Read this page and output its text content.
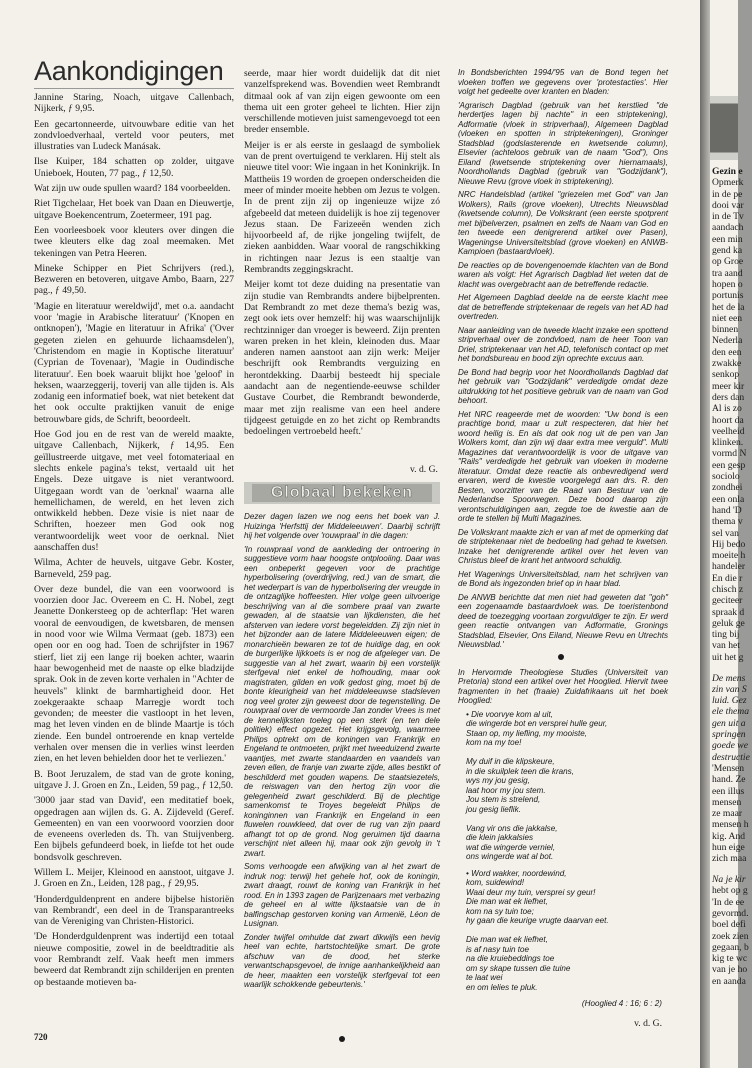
Aankondigingen

Jannine Staring, Noach, uitgave Callenbach, Nijkerk, ƒ 9,95.

Een gecartonneerde, uitvouwbare editie van het zondvloedverhaal, verteld voor peuters, met illustraties van Ludeck Manásak.

Ilse Kuiper, 184 schatten op zolder, uitgave Unieboek, Houten, 77 pag., ƒ 12,50.

Wat zijn uw oude spullen waard? 184 voorbeelden.

Riet Tigchelaar, Het boek van Daan en Dieuwertje, uitgave Boekencentrum, Zoetermeer, 191 pag.

Een voorleesboek voor kleuters over dingen die twee kleuters elke dag zoal meemaken. Met tekeningen van Petra Heeren.

Mineke Schipper en Piet Schrijvers (red.), Bezweren en betoveren, uitgave Ambo, Baarn, 227 pag., ƒ 49,50.

'Magie en literatuur wereldwijd', met o.a. aandacht voor 'magie in Arabische literatuur' ('Knopen en ontknopen'), 'Magie en literatuur in Afrika' ('Over gegeten zielen en gehuurde lichaamsdelen'), 'Christendom en magie in Koptische literatuur' (Cyprian de Tovenaar), 'Magie in Oudindische literatuur'. Een boek waaruit blijkt hoe 'geloof' in heksen, waarzeggerij, toverij van alle tijden is. Als zodanig een informatief boek, wat niet betekent dat het ook occulte praktijken vanuit de enige betrouwbare gids, de Schrift, beoordeelt.

Hoe God jou en de rest van de wereld maakte, uitgave Callenbach, Nijkerk, ƒ 14,95. Een geïllustreerde uitgave, met veel fotomateriaal en slechts enkele pagina's tekst, vertaald uit het Engels. Deze uitgave is niet verantwoord. Uitgegaan wordt van de 'oerknal' waarna alle hemellichamen, de wereld, en het leven zich ontwikkeld hebben. Deze visie is niet naar de Schriften, hoezeer men God ook nog verantwoordelijk weet voor de oerknal. Niet aanschaffen dus!

Wilma, Achter de heuvels, uitgave Gebr. Koster, Barneveld, 259 pag.

Over deze bundel, die van een voorwoord is voorzien door Jac. Overeem en C. H. Nobel, zegt Jeanette Donkersteeg op de achterflap: 'Het waren vooral de eenvoudigen, de kwetsbaren, de mensen in nood voor wie Wilma Vermaat (geb. 1873) een open oor en oog had. Toen de schrijfster in 1967 stierf, liet zij een lange rij boeken achter, waarin haar bewogenheid met de naaste op elke bladzijde sprak. Ook in de zeven korte verhalen in "Achter de heuvels" klinkt de barmhartigheid door. Het zoekgeraakte schaap Marregje wordt toch gevonden; de meester die vastloopt in het leven, mag het leven vinden en de blinde Maartje is tóch ziende. Een bundel ontroerende en knap vertelde verhalen over mensen die in verlies winst leerden zien, en het leven behielden door het te verliezen.'

B. Boot Jeruzalem, de stad van de grote koning, uitgave J. J. Groen en Zn., Leiden, 59 pag., ƒ 12,50.

'3000 jaar stad van David', een meditatief boek, opgedragen aan wijlen ds. G. A. Zijdeveld (Geref. Gemeenten) en van een voorwoord voorzien door de eveneens overleden ds. Th. van Stuijvenberg. Een bijbels gefundeerd boek, in liefde tot het oude bondsvolk geschreven.

Willem L. Meijer, Kleinood en aanstoot, uitgave J. J. Groen en Zn., Leiden, 128 pag., ƒ 29,95.

'Honderdguldenprent en andere bijbelse historiën van Rembrandt', een deel in de Transparantreeks van de Vereniging van Christen-Historici.

'De Honderdguldenprent was indertijd een totaal nieuwe compositie, zowel in de beeldtraditie als voor Rembrandt zelf. Vaak heeft men immers beweerd dat Rembrandt zijn schilderijen en prenten op bestaande motieven ba-

seerde, maar hier wordt duidelijk dat dit niet vanzelfsprekend was. Bovendien weet Rembrandt ditmaal ook af van zijn eigen gewoonte om een thema uit een groter geheel te lichten. Hier zijn verschillende motieven juist samengevoegd tot een breder ensemble.

Meijer is er als eerste in geslaagd de symboliek van de prent overtuigend te verklaren. Hij stelt als nieuwe titel voor: Wie ingaan in het Koninkrijk. In Mattheüs 19 worden de groepen onderscheiden die meer of minder moeite hebben om Jezus te volgen. In de prent zijn zij op ingenieuze wijze zó afgebeeld dat meteen duidelijk is hoe zij tegenover Jezus staan. De Farizeeën wenden zich hijvoorbeeld af, de rijke jongeling twijfelt, de zieken aanbidden. Waar vooral de rangschikking in richtingen naar Jezus is een staaltje van Rembrandts zeggingskracht.

Meijer komt tot deze duiding na presentatie van zijn studie van Rembrandts andere bijbelprenten. Dat Rembrandt zo met deze thema's bezig was, zegt ook iets over hemzelf: hij was waarschijnlijk rechtzinniger dan vroeger is beweerd. Zijn prenten waren preken in het klein, kleinoden dus. Maar anderen namen aanstoot aan zijn werk: Meijer beschrijft ook Rembrandts verguizing en herontdekking. Daarbij besteedt hij speciale aandacht aan de negentiende-eeuwse schilder Gustave Courbet, die Rembrandt bewonderde, maar met zijn realisme van een heel andere tijdgeest getuigde en zo het zicht op Rembrandts bedoelingen vertroebeld heeft.'

v. d. G.
Globaal bekeken

Dezer dagen lazen we nog eens het boek van J. Huizinga 'Herfsttij der Middeleeuwen'. Daarbij schrijft hij het volgende over 'rouwpraal' in die dagen:

'In rouwpraal vond de aankleding der ontroering in suggestieve vorm haar hoogste ontplooiing. Daar was een onbeperkt gegeven voor de prachtige hyperbolisering (overdrijving, red.) van de smart, die het wederpart is van de hyperbolisering der vreugde in de ontzaglijke hoffeesten. Hier volge geen uitvoerige beschrijving van al die sombere praal van zwarte gewaden, al de staatsie van lijkdiensten, die het afsterven van iedere vorst begeleidden. Zij zijn niet in het bijzonder aan de latere Middeleeuwen eigen; de monarchieën bewaren ze tot de huidige dag, en ook de burgerlijke lijkkoets is er nog de afgeleger van. De suggestie van al het zwart, waarin bij een vorstelijk sterfgeval niet enkel de hofhouding, maar ook magistraten, gilden en volk gedost ging, moet bij de bonte kleurigheid van het middeleeuwse stadsleven nog veel groter zijn geweest door de tegenstelling. De rouwpraal over de vermoorde Jan zonder Vrees is met de kennelijksten toeleg op een sterk (en ten dele politiek) effect opgezet. Het krijgsgevolg, waarmee Philips optrekt om de koningen van Frankrijk en Engeland te ontmoeten, prijkt met tweeduizend zwarte vaantjes, met zwarte standaarden en vaandels van zeven ellen, de franje van zwarte zijde, alles bestikt of beschilderd met gouden wapens. De staatsiezetels, de reiswagen van den hertog zijn voor die gelegenheid zwart geschilderd. Bij de plechtige samenkomst te Troyes begeleidt Philips de koninginnen van Frankrijk en Engeland in een fluwelen rouwkleed, dat over de rug van zijn paard afhangt tot op de grond. Nog geruimen tijd daarna verschijnt niet alleen hij, maar ook zijn gevolg in 't zwart.

Soms verhoogde een afwijking van al het zwart de indruk nog: terwijl het gehele hof, ook de koningin, zwart draagt, rouwt de koning van Frankrijk in het rood. En in 1393 zagen de Parijzenaars met verbazing de geheel en al witte lijkstaatsie van de in balfingschap gestorven koning van Armenië, Léon de Lusignan.

Zonder twijfel omhulde dat zwart dikwijls een hevig heel van echte, hartstochtelijke smart. De grote afschuw van de dood, het sterke verwantschapsgevoel, de innige aanhankelijkheid aan de heer, maakten een vorstelijk sterfgeval tot een waarlijk schokkende gebeurtenis.'

In Bondsberichten 1994/'95 van de Bond tegen het vloeken troffen we gegevens over 'protestacties'. Hier volgt het gedeelte over kranten en bladen:

'Agrarisch Dagblad (gebruik van het kerstlied "de herdertjes lagen bij nachte" in een striptekening), Adformatie (vloek in stripverhaal), Algemeen Dagblad (vloeken en spotten in striptekeningen), Groninger Stadsblad (godslasterende en kwetsende column), Elsevier (achteloos gebruik van de naam "God"), Ons Eiland (kwetsende striptekening over hiernamaals), Noordhollands Dagblad (gebruik van "Godzijdank"), Nieuwe Revu (grove vloek in striptekening).

NRC Handelsblad (artikel "griezelen met God" van Jan Wolkers), Rails (grove vloeken), Utrechts Nieuwsblad (kwetsende column), De Volkskrant (een eerste spotprent met bijbelverzen, psalmen en zelfs de Naam van God en ten tweede een denigrerend artikel over Pasen), Wageningse Universiteitsblad (grove vloeken) en ANWB-Kampioen (bastaardvloek).

De reacties op de bovengenoemde klachten van de Bond waren als volgt: Het Agrarisch Dagblad liet weten dat de klacht was overgebracht aan de betreffende redactie.

Het Algemeen Dagblad deelde na de eerste klacht mee dat de betreffende striptekenaar de regels van het AD had overtreden.

Naar aanleiding van de tweede klacht inzake een spottend stripverhaal over de zondvloed, nam de heer Toon van Driel, striptekenaar van het AD, telefonisch contact op met het bondsbureau en bood zijn oprechte excuus aan.

De Bond had begrip voor het Noordhollands Dagblad dat het gebruik van "Godzijdank" verdedigde omdat deze uitdrukking tot het positieve gebruik van de naam van God behoort.

Het NRC reageerde met de woorden: "Uw bond is een prachtige bond, maar u zult respecteren, dat hier het woord heilig is. En als dat ook nog uit de pen van Jan Wolkers komt, dan zijn wij daar extra mee verguld". Multi Magazines dat verantwoordelijk is voor de uitgave van "Rails" verdedigde het gebruik van vloeken in moderne literatuur. Omdat deze reactie als onbevredigend werd ervaren, werd de kwestie voorgelegd aan drs. R. den Besten, voorzitter van de Raad van Bestuur van de Nederlandse Spoorwegen. Deze bood daarop zijn verontschuldigingen aan, zegde toe de kwestie aan de orde te stellen bij Multi Magazines.

De Volkskrant maakte zich er van af met de opmerking dat de striptekenaar niet de bedoeling had gehad te kwetsen. Inzake het denigrerende artikel over het leven van Christus bleef de krant het antwoord schuldig.

Het Wagenings Universiteitsblad, nam het schrijven van de Bond als ingezonden brief op in haar blad.

De ANWB berichtte dat men niet had geweten dat "goh" een zogenaamde bastaardvloek was. De toeristenbond deed de toezegging voortaan zorgvuldiger te zijn. Er werd geen reactie ontvangen van Adformatie, Gronings Stadsblad, Elsevier, Ons Eiland, Nieuwe Revu en Utrechts Nieuwsblad.'

In Hervormde Theologiese Studies (Universiteit van Pretoria) stond een artikel over het Hooglied. Hiervit twee fragmenten in het (fraaie) Zuidafrikaans uit het boek Hooglied:

• Die voorvye kom al uit,
die wingerde bot en versprei hulle geur,
Staan op, my liefling, my mooiste,
kom na my toe!
My duif in die klipskeure,
in die skuilplek teen die krans,
wys my jou gesig,
laat hoor my jou stem.
Jou stem is strelend,
jou gesig lieflik.
Vang vir ons die jakkalse,
die klein jakkalsies
wat die wingerde verniel,
ons wingerde wat al bot.
• Word wakker, noordewind,
kom, suidewind!
Waai deur my tuin, versprei sy geur!
Die man wat ek liefhet,
kom na sy tuin toe;
hy gaan die keurige vrugte daarvan eet.
Die man wat ek liefhet,
is af nasy tuin toe
na die kruiebeddings toe
om sy skape tussen die tuine
te laat wei
en om lelies te pluk.
(Hooglied 4 : 16; 6 : 2)
v. d. G.
720
Gezin e
Opmerk
in de pe
dooi var
in de Tv
aandach
een min
gend ka
op Groe
tra aand
hopen o
portunis
het de la
niet een
binnen
Nederla
den een
zwakke
senkop
meer kir
ders dan
Al is zo
hoort da
veelheid
klinken.
vormd N
een gesp
sociolo
zondhei
een onla
hand 'D
thema v
sel van
Hij bedo
moeite h
handeler
En die r
chisch z
geciteer
spraak d
geluk ge
ting bij
van het
uit het g
De mens
zin van S
luid. Gez
ele thema
gen uit a
springen
goede we
destructie
'Mensen
hand. Ze
een illus
mensen
ze maar
mensen h
kig. And
hun eige
zich maa
Na je kir
hebt op g
'In de ee
gevormd.
boel defi
zoek zien
gegaan, b
kig te wc
van je ho
en aanda
